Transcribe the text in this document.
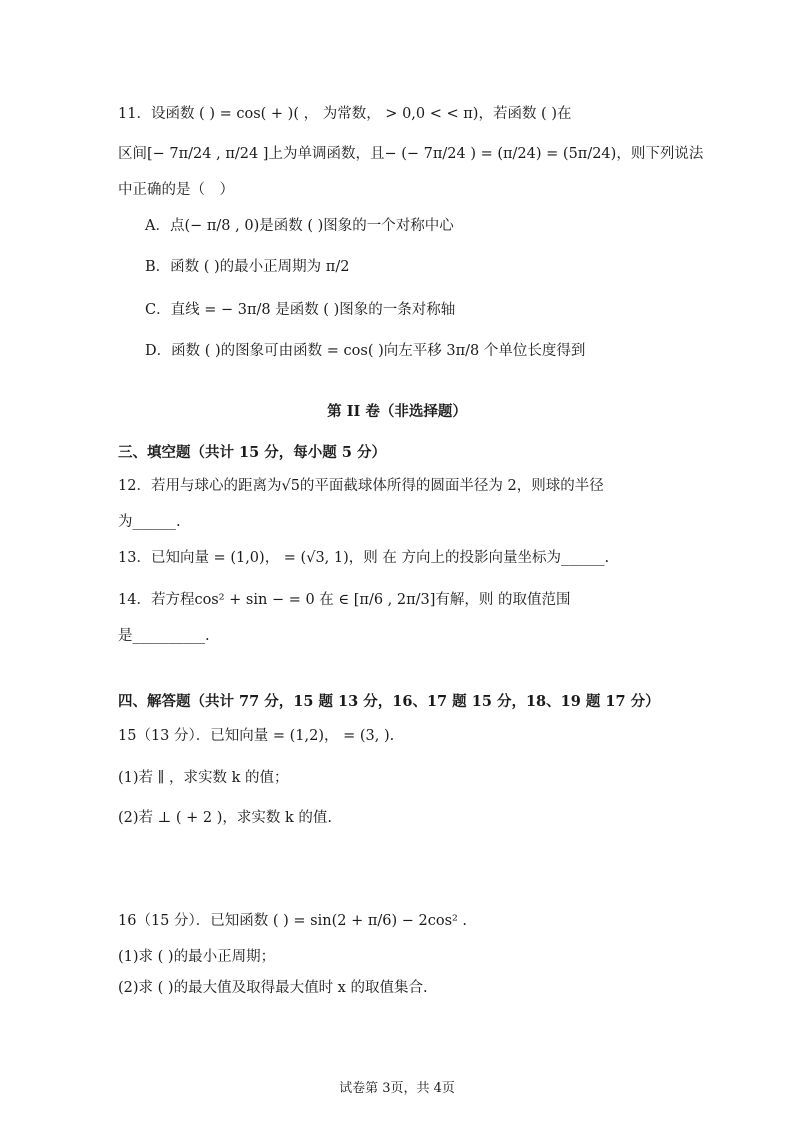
11．设函数 ( ) = cos( + )( ， 为常数， > 0,0 < < π)，若函数 ( )在
区间[− 7π/24 , π/24 ]上为单调函数，且− (− 7π/24 ) = (π/24) = (5π/24)，则下列说法
中正确的是（　）
A．点(− π/8 , 0)是函数 ( )图象的一个对称中心
B．函数 ( )的最小正周期为 π/2
C．直线 = − 3π/8 是函数 ( )图象的一条对称轴
D．函数 ( )的图象可由函数 = cos( )向左平移 3π/8 个单位长度得到
第 II 卷（非选择题）
三、填空题（共计 15 分，每小题 5 分）
12．若用与球心的距离为√5的平面截球体所得的圆面半径为 2，则球的半径
为______.
13．已知向量 = (1,0)， = (√3, 1)，则 在 方向上的投影向量坐标为______.
14．若方程cos² + sin − = 0 在 ∈ [π/6 , 2π/3]有解，则 的取值范围
是__________.
四、解答题（共计 77 分，15 题 13 分，16、17 题 15 分，18、19 题 17 分）
15（13 分）．已知向量 = (1,2)， = (3, ).
(1)若 ∥ ，求实数 k 的值；
(2)若 ⊥ ( + 2 )，求实数 k 的值.
16（15 分）．已知函数 ( ) = sin(2 + π/6) − 2cos² .
(1)求 ( )的最小正周期；
(2)求 ( )的最大值及取得最大值时 x 的取值集合.
试卷第 3页，共 4页
